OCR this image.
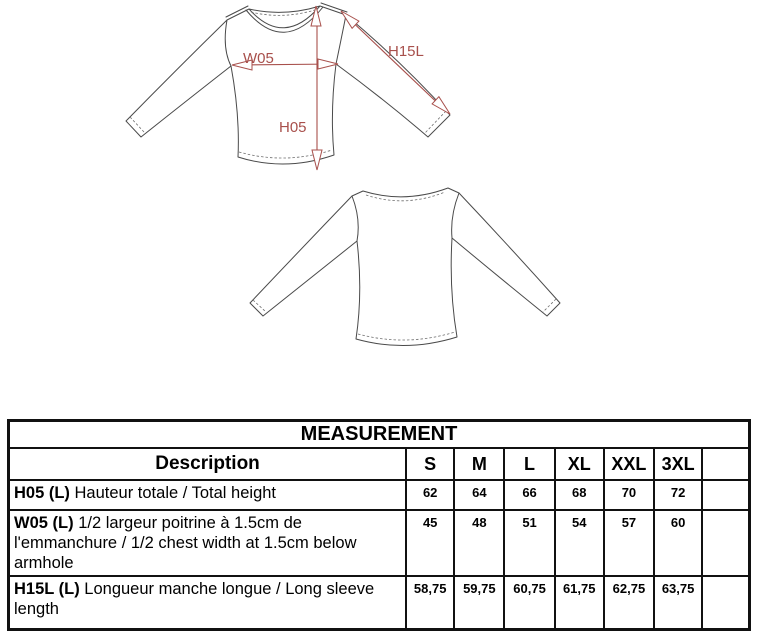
W05
H05
H15L
MEASUREMENT							
Description	S	M	L	XL	XXL	3XL	
H05 (L) Hauteur totale / Total height	62	64	66	68	70	72	
W05 (L) 1/2 largeur poitrine à 1.5cm de l'emmanchure / 1/2 chest width at 1.5cm below armhole	45	48	51	54	57	60	
H15L (L) Longueur manche longue / Long sleeve length	58,75	59,75	60,75	61,75	62,75	63,75	
